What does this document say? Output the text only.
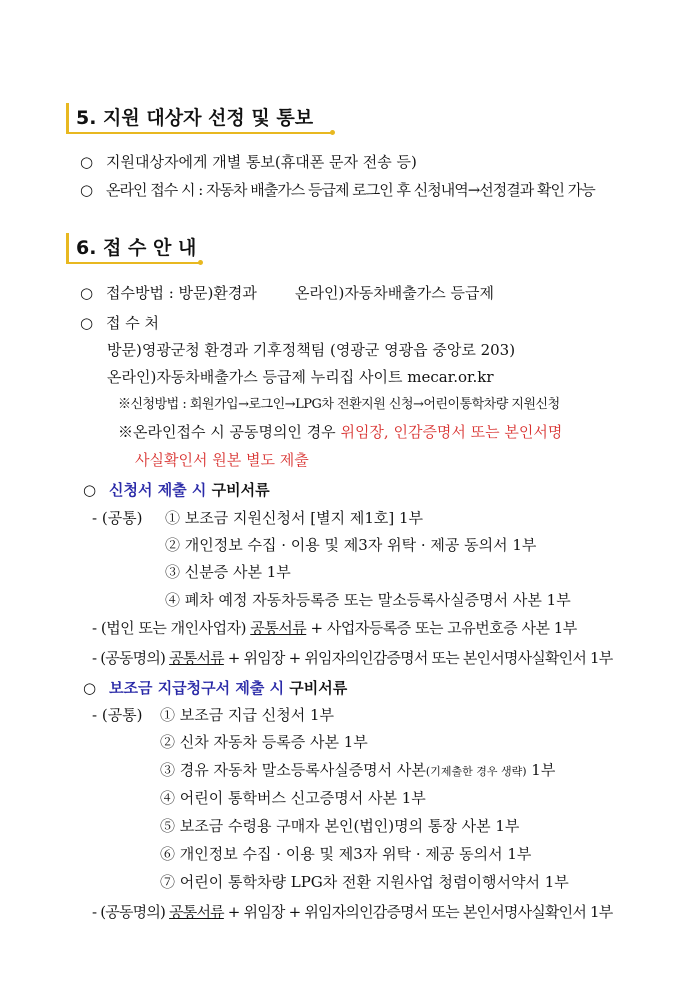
5. 지원 대상자 선정 및 통보
○ 지원대상자에게 개별 통보(휴대폰 문자 전송 등)
○ 온라인 접수 시 : 자동차 배출가스 등급제 로그인 후 신청내역→선정결과 확인 가능
6. 접 수 안 내
○ 접수방법 : 방문)환경과        온라인)자동차배출가스 등급제
○ 접 수 처
방문)영광군청 환경과 기후정책팀 (영광군 영광읍 중앙로 203)
온라인)자동차배출가스 등급제 누리집 사이트 mecar.or.kr
※신청방법 : 회원가입→로그인→LPG차 전환지원 신청→어린이통학차량 지원신청
※온라인접수 시 공동명의인 경우 위임장, 인감증명서 또는 본인서명
사실확인서 원본 별도 제출
○ 신청서 제출 시 구비서류
- (공통) ① 보조금 지원신청서 [별지 제1호] 1부
② 개인정보 수집 · 이용 및 제3자 위탁 · 제공 동의서 1부
③ 신분증 사본 1부
④ 폐차 예정 자동차등록증 또는 말소등록사실증명서 사본 1부
- (법인 또는 개인사업자) 공통서류 + 사업자등록증 또는 고유번호증 사본 1부
- (공동명의) 공통서류 + 위임장 + 위임자의인감증명서 또는 본인서명사실확인서 1부
○ 보조금 지급청구서 제출 시 구비서류
- (공통) ① 보조금 지급 신청서 1부
② 신차 자동차 등록증 사본 1부
③ 경유 자동차 말소등록사실증명서 사본(기제출한 경우 생략) 1부
④ 어린이 통학버스 신고증명서 사본 1부
⑤ 보조금 수령용 구매자 본인(법인)명의 통장 사본 1부
⑥ 개인정보 수집 · 이용 및 제3자 위탁 · 제공 동의서 1부
⑦ 어린이 통학차량 LPG차 전환 지원사업 청렴이행서약서 1부
- (공동명의) 공통서류 + 위임장 + 위임자의인감증명서 또는 본인서명사실확인서 1부
